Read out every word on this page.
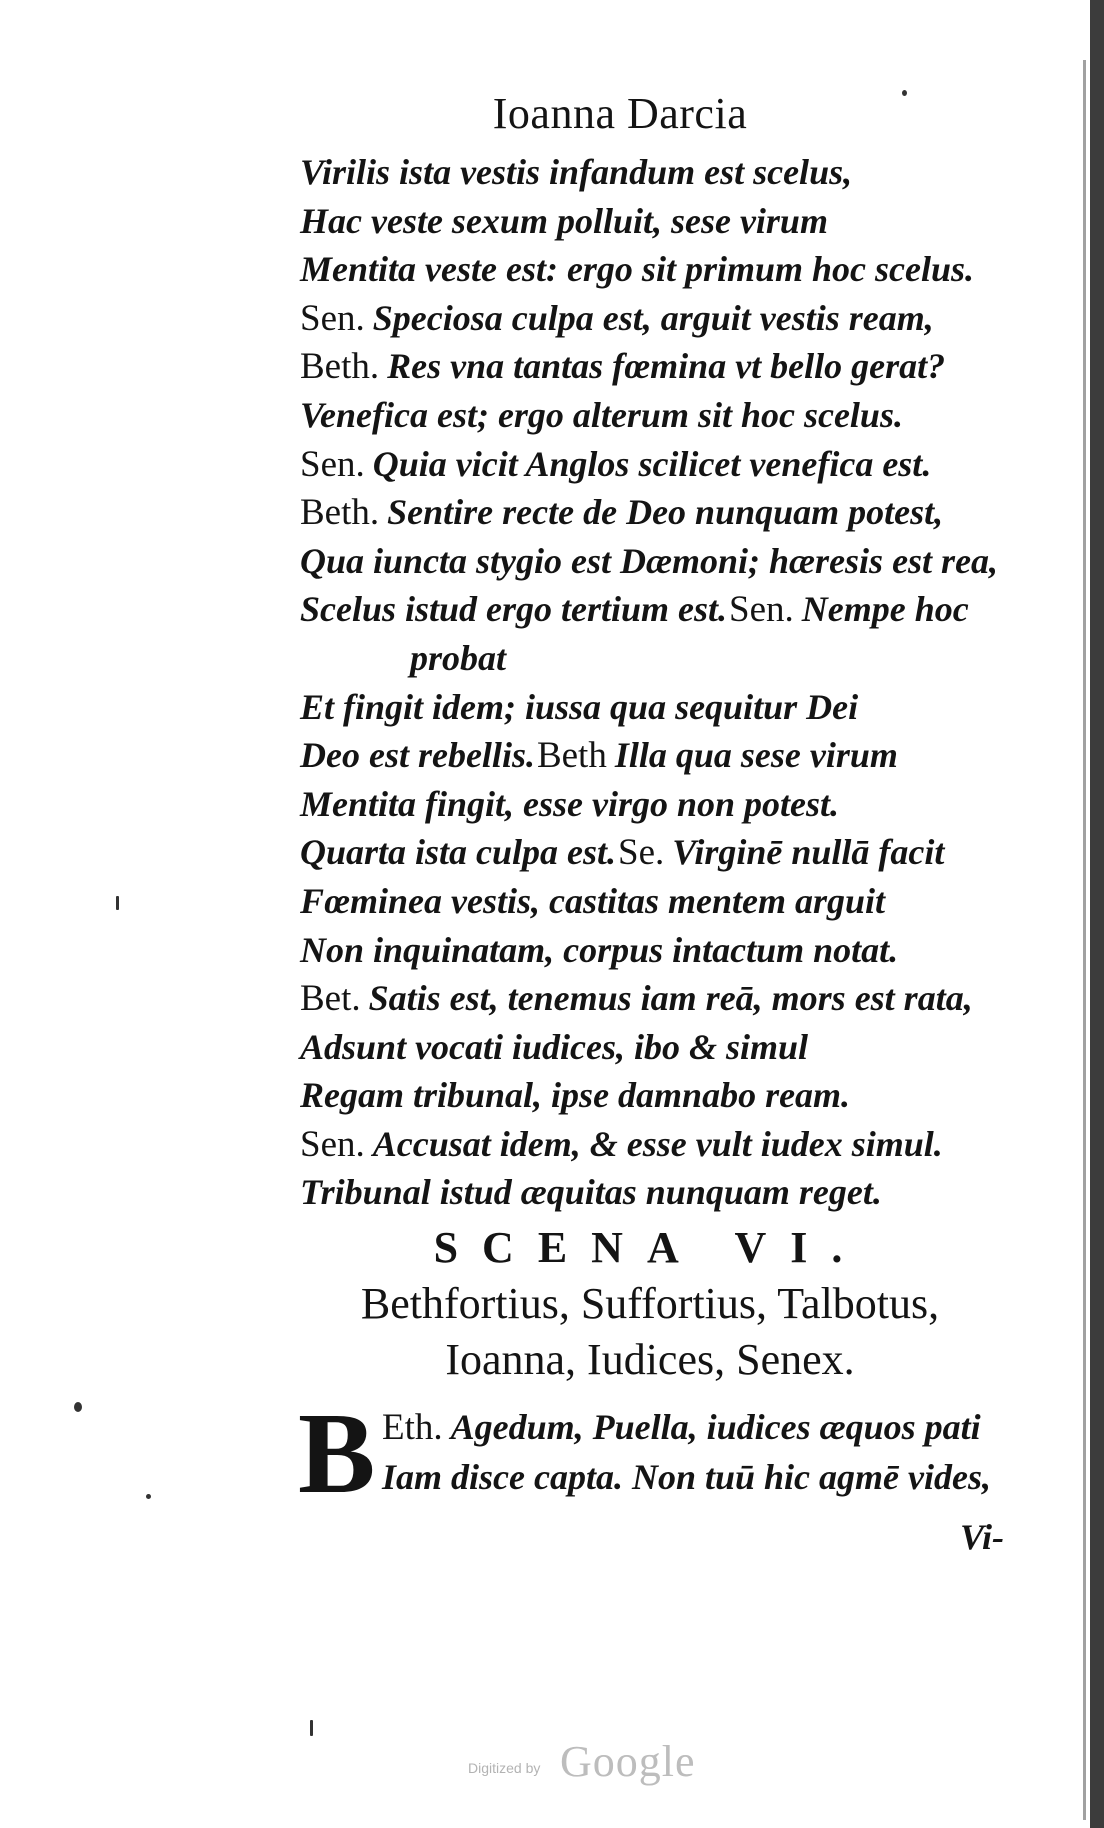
Ioanna Darcia
Virilis ista vestis infandum est scelus,
Hac veste sexum polluit, sese virum
Mentita veste est: ergo sit primum hoc scelus.
Sen. Speciosa culpa est, arguit vestis ream,
Beth. Res vna tantas fœmina vt bello gerat?
Venefica est; ergo alterum sit hoc scelus.
Sen. Quia vicit Anglos scilicet venefica est.
Beth. Sentire recte de Deo nunquam potest,
Qua iuncta stygio est Dæmoni; hæresis est rea,
Scelus istud ergo tertium est.Sen. Nempe hoc
probat
Et fingit idem; iussa qua sequitur Dei
Deo est rebellis.Beth Illa qua sese virum
Mentita fingit, esse virgo non potest.
Quarta ista culpa est.Se. Virginē nullā facit
Fœminea vestis, castitas mentem arguit
Non inquinatam, corpus intactum notat.
Bet. Satis est, tenemus iam reā, mors est rata,
Adsunt vocati iudices, ibo & simul
Regam tribunal, ipse damnabo ream.
Sen. Accusat idem, & esse vult iudex simul.
Tribunal istud æquitas nunquam reget.
SCENA VI.
Bethfortius, Suffortius, Talbotus,
Ioanna, Iudices, Senex.
B Eth. Agedum, Puella, iudices æquos pati
Iam disce capta. Non tuū hic agmē vides,
Vi-
Digitized by Google
